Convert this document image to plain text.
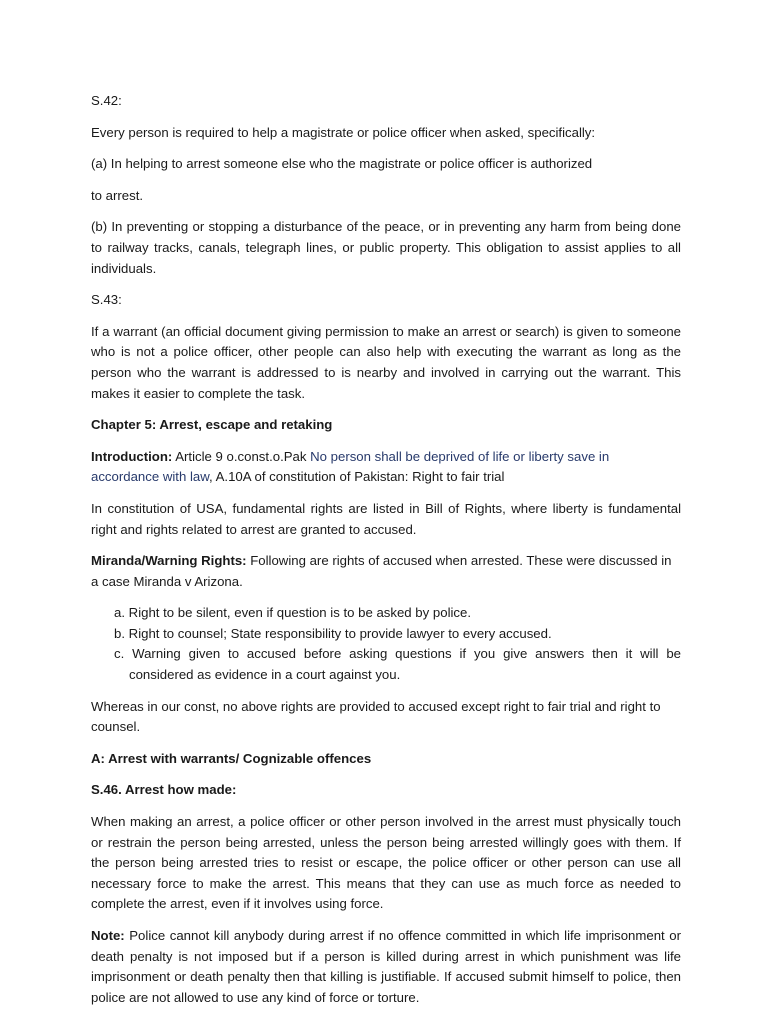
S.42:

Every person is required to help a magistrate or police officer when asked, specifically:

(a) In helping to arrest someone else who the magistrate or police officer is authorized

to arrest.

(b) In preventing or stopping a disturbance of the peace, or in preventing any harm from being done to railway tracks, canals, telegraph lines, or public property. This obligation to assist applies to all individuals.

S.43:

If a warrant (an official document giving permission to make an arrest or search) is given to someone who is not a police officer, other people can also help with executing the warrant as long as the person who the warrant is addressed to is nearby and involved in carrying out the warrant. This makes it easier to complete the task.

Chapter 5: Arrest, escape and retaking

Introduction: Article 9 o.const.o.Pak No person shall be deprived of life or liberty save in accordance with law, A.10A of constitution of Pakistan: Right to fair trial

In constitution of USA, fundamental rights are listed in Bill of Rights, where liberty is fundamental right and rights related to arrest are granted to accused.

Miranda/Warning Rights: Following are rights of accused when arrested. These were discussed in a case Miranda v Arizona.

a. Right to be silent, even if question is to be asked by police.
b. Right to counsel; State responsibility to provide lawyer to every accused.
c. Warning given to accused before asking questions if you give answers then it will be considered as evidence in a court against you.

Whereas in our const, no above rights are provided to accused except right to fair trial and right to counsel.

A: Arrest with warrants/ Cognizable offences

S.46. Arrest how made:

When making an arrest, a police officer or other person involved in the arrest must physically touch or restrain the person being arrested, unless the person being arrested willingly goes with them. If the person being arrested tries to resist or escape, the police officer or other person can use all necessary force to make the arrest. This means that they can use as much force as needed to complete the arrest, even if it involves using force.

Note: Police cannot kill anybody during arrest if no offence committed in which life imprisonment or death penalty is not imposed but if a person is killed during arrest in which punishment was life imprisonment or death penalty then that killing is justifiable. If accused submit himself to police, then police are not allowed to use any kind of force or torture.
